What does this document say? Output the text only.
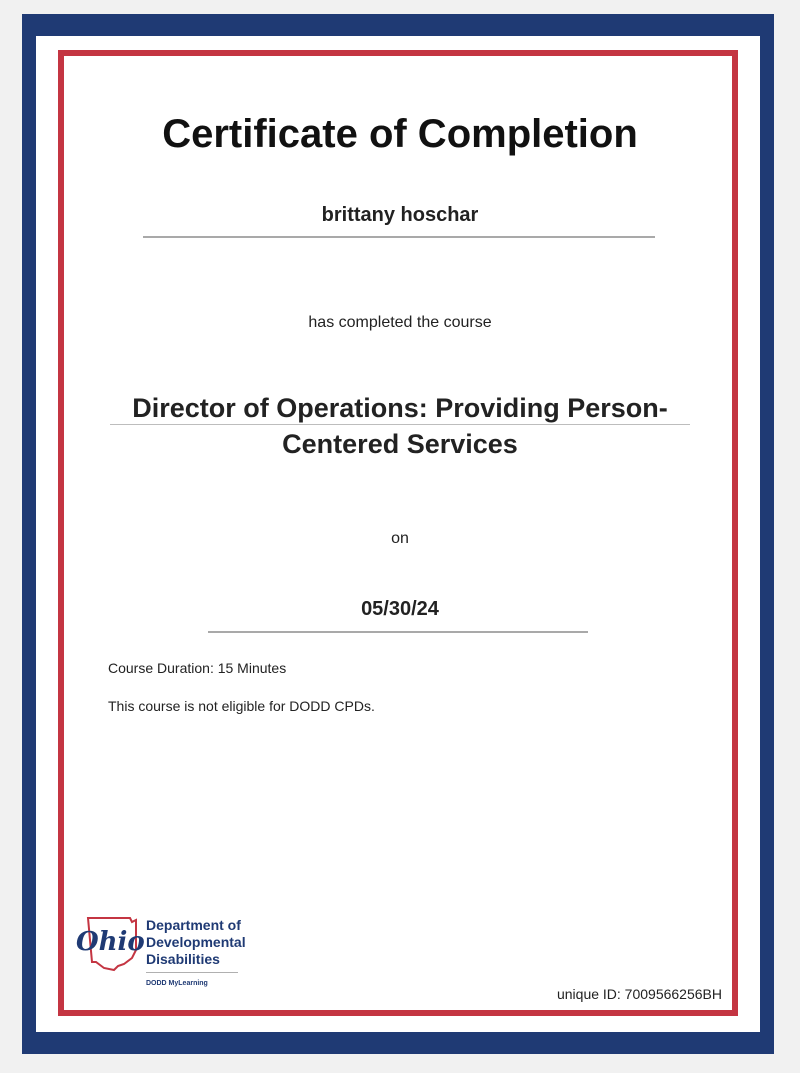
Certificate of Completion
brittany hoschar
has completed the course
Director of Operations: Providing Person-
Centered Services
on
05/30/24
Course Duration: 15 Minutes
This course is not eligible for DODD CPDs.
Ohio
Department of
Developmental
Disabilities
DODD MyLearning
unique ID: 7009566256BH
